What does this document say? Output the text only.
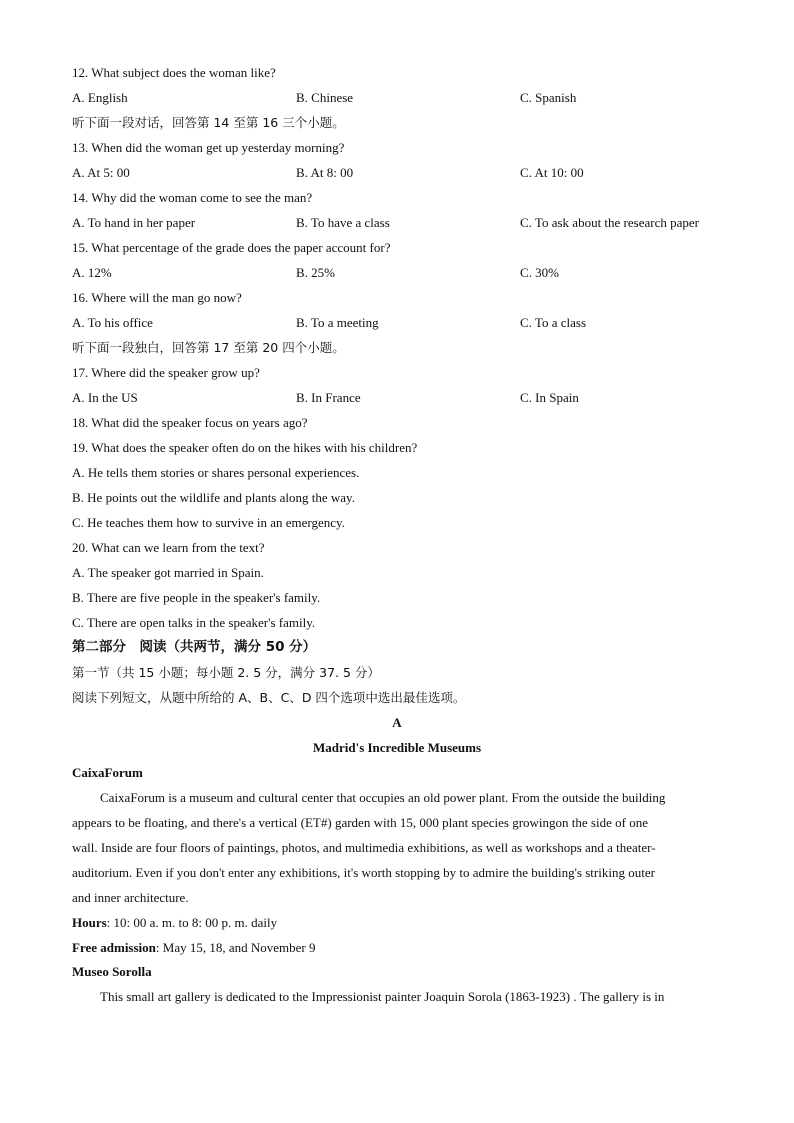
12. What subject does the woman like?
A. English	B. Chinese	C. Spanish
听下面一段对话，回答第 14 至第 16 三个小题。
13. When did the woman get up yesterday morning?
A. At 5: 00	B. At 8: 00	C. At 10: 00
14. Why did the woman come to see the man?
A. To hand in her paper	B. To have a class	C. To ask about the research paper
15. What percentage of the grade does the paper account for?
A. 12%	B. 25%	C. 30%
16. Where will the man go now?
A. To his office	B. To a meeting	C. To a class
听下面一段独白，回答第 17 至第 20 四个小题。
17. Where did the speaker grow up?
A. In the US	B. In France	C. In Spain
18. What did the speaker focus on years ago?
19. What does the speaker often do on the hikes with his children?
A. He tells them stories or shares personal experiences.
B. He points out the wildlife and plants along the way.
C. He teaches them how to survive in an emergency.
20. What can we learn from the text?
A. The speaker got married in Spain.
B. There are five people in the speaker's family.
C. There are open talks in the speaker's family.
第二部分　阅读（共两节，满分 50 分）
第一节（共 15 小题；每小题 2. 5 分，满分 37. 5 分）
阅读下列短文，从题中所给的 A、B、C、D 四个选项中选出最佳选项。
A
Madrid's Incredible Museums
CaixaForum
CaixaForum is a museum and cultural center that occupies an old power plant. From the outside the building
appears to be floating, and there's a vertical (ET#) garden with 15, 000 plant species growingon the side of one
wall. Inside are four floors of paintings, photos, and multimedia exhibitions, as well as workshops and a theater-
auditorium. Even if you don't enter any exhibitions, it's worth stopping by to admire the building's striking outer
and inner architecture.
Hours: 10: 00 a. m. to 8: 00 p. m. daily
Free admission: May 15, 18, and November 9
Museo Sorolla
This small art gallery is dedicated to the Impressionist painter Joaquin Sorola (1863-1923) . The gallery is in
